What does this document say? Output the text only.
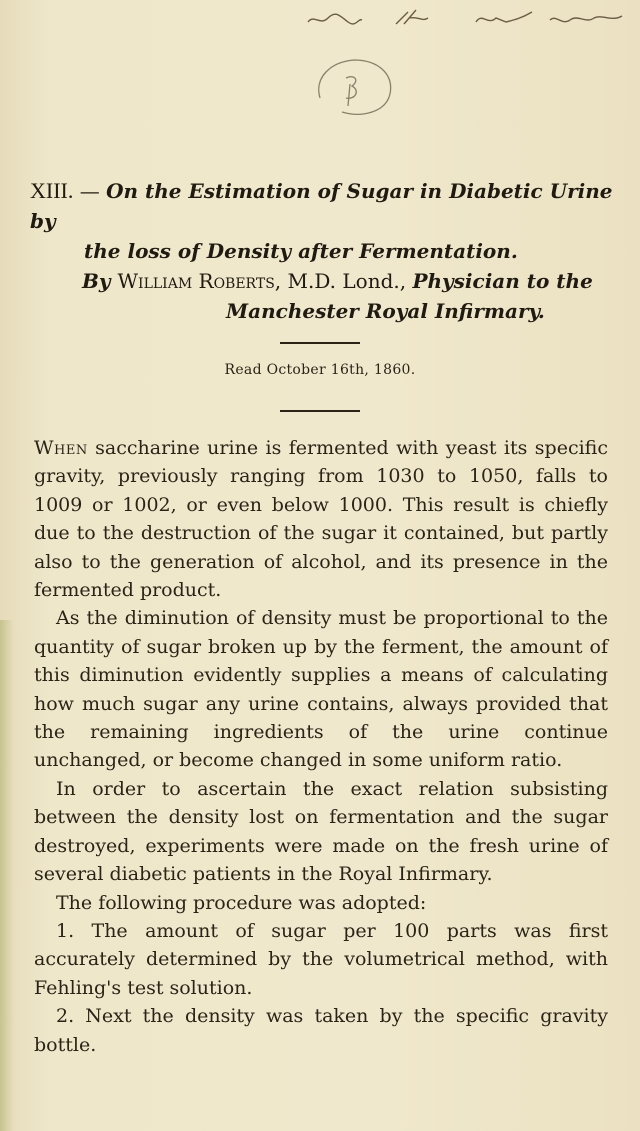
XIII. — On the Estimation of Sugar in Diabetic Urine by
the loss of Density after Fermentation.
By William Roberts, M.D. Lond., Physician to the
Manchester Royal Infirmary.
Read October 16th, 1860.

When saccharine urine is fermented with yeast its specific gravity, previously ranging from 1030 to 1050, falls to 1009 or 1002, or even below 1000. This result is chiefly due to the destruction of the sugar it contained, but partly also to the generation of alcohol, and its presence in the fermented product.

As the diminution of density must be proportional to the quantity of sugar broken up by the ferment, the amount of this diminution evidently supplies a means of calculating how much sugar any urine contains, always provided that the remaining ingredients of the urine continue unchanged, or become changed in some uniform ratio.

In order to ascertain the exact relation subsisting between the density lost on fermentation and the sugar destroyed, experiments were made on the fresh urine of several diabetic patients in the Royal Infirmary.

The following procedure was adopted:

1. The amount of sugar per 100 parts was first accurately determined by the volumetrical method, with Fehling's test solution.

2. Next the density was taken by the specific gravity bottle.
